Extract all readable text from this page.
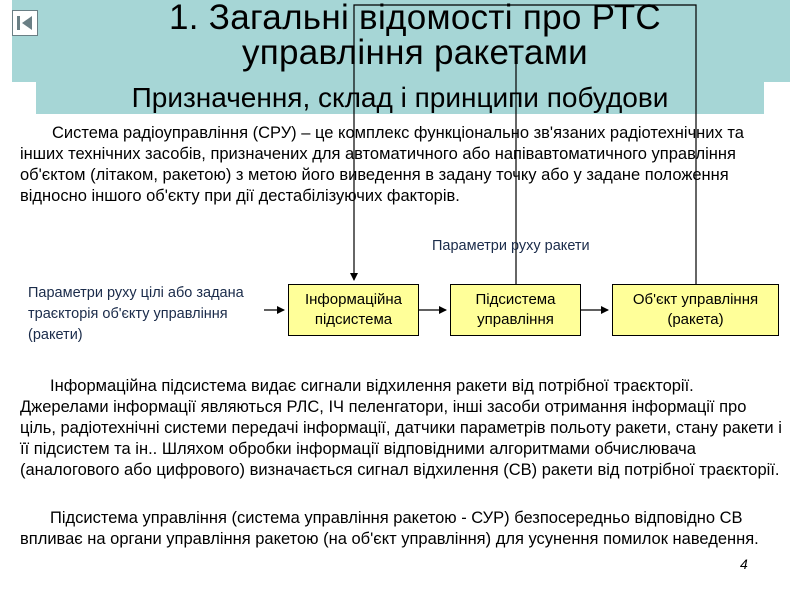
1. Загальні відомості про РТС
управління ракетами
Призначення, склад і принципи побудови

Система радіоуправління (СРУ) – це комплекс функціонально зв'язаних радіотехнічних та інших технічних засобів, призначених для автоматичного або напівавтоматичного управління об'єктом (літаком, ракетою) з метою його виведення в задану точку або у задане положення відносно іншого об'єкту при дії дестабілізуючих факторів.

Параметри руху ракети

Параметри руху цілі або задана траєкторія об'єкту управління (ракети)

Інформаційна підсистема
Підсистема управління
Об'єкт управління (ракета)

Інформаційна підсистема видає сигнали відхилення ракети від потрібної траєкторії. Джерелами інформації являються РЛС, ІЧ пеленгатори, інші засоби отримання інформації про ціль, радіотехнічні системи передачі інформації, датчики параметрів польоту ракети, стану ракети і її підсистем та ін.. Шляхом обробки інформації відповідними алгоритмами обчислювача (аналогового або цифрового) визначається сигнал відхилення (СВ) ракети від потрібної траєкторії.

Підсистема управління (система управління ракетою - СУР) безпосередньо відповідно СВ впливає на органи управління ракетою (на об'єкт управління) для усунення помилок наведення.

4
